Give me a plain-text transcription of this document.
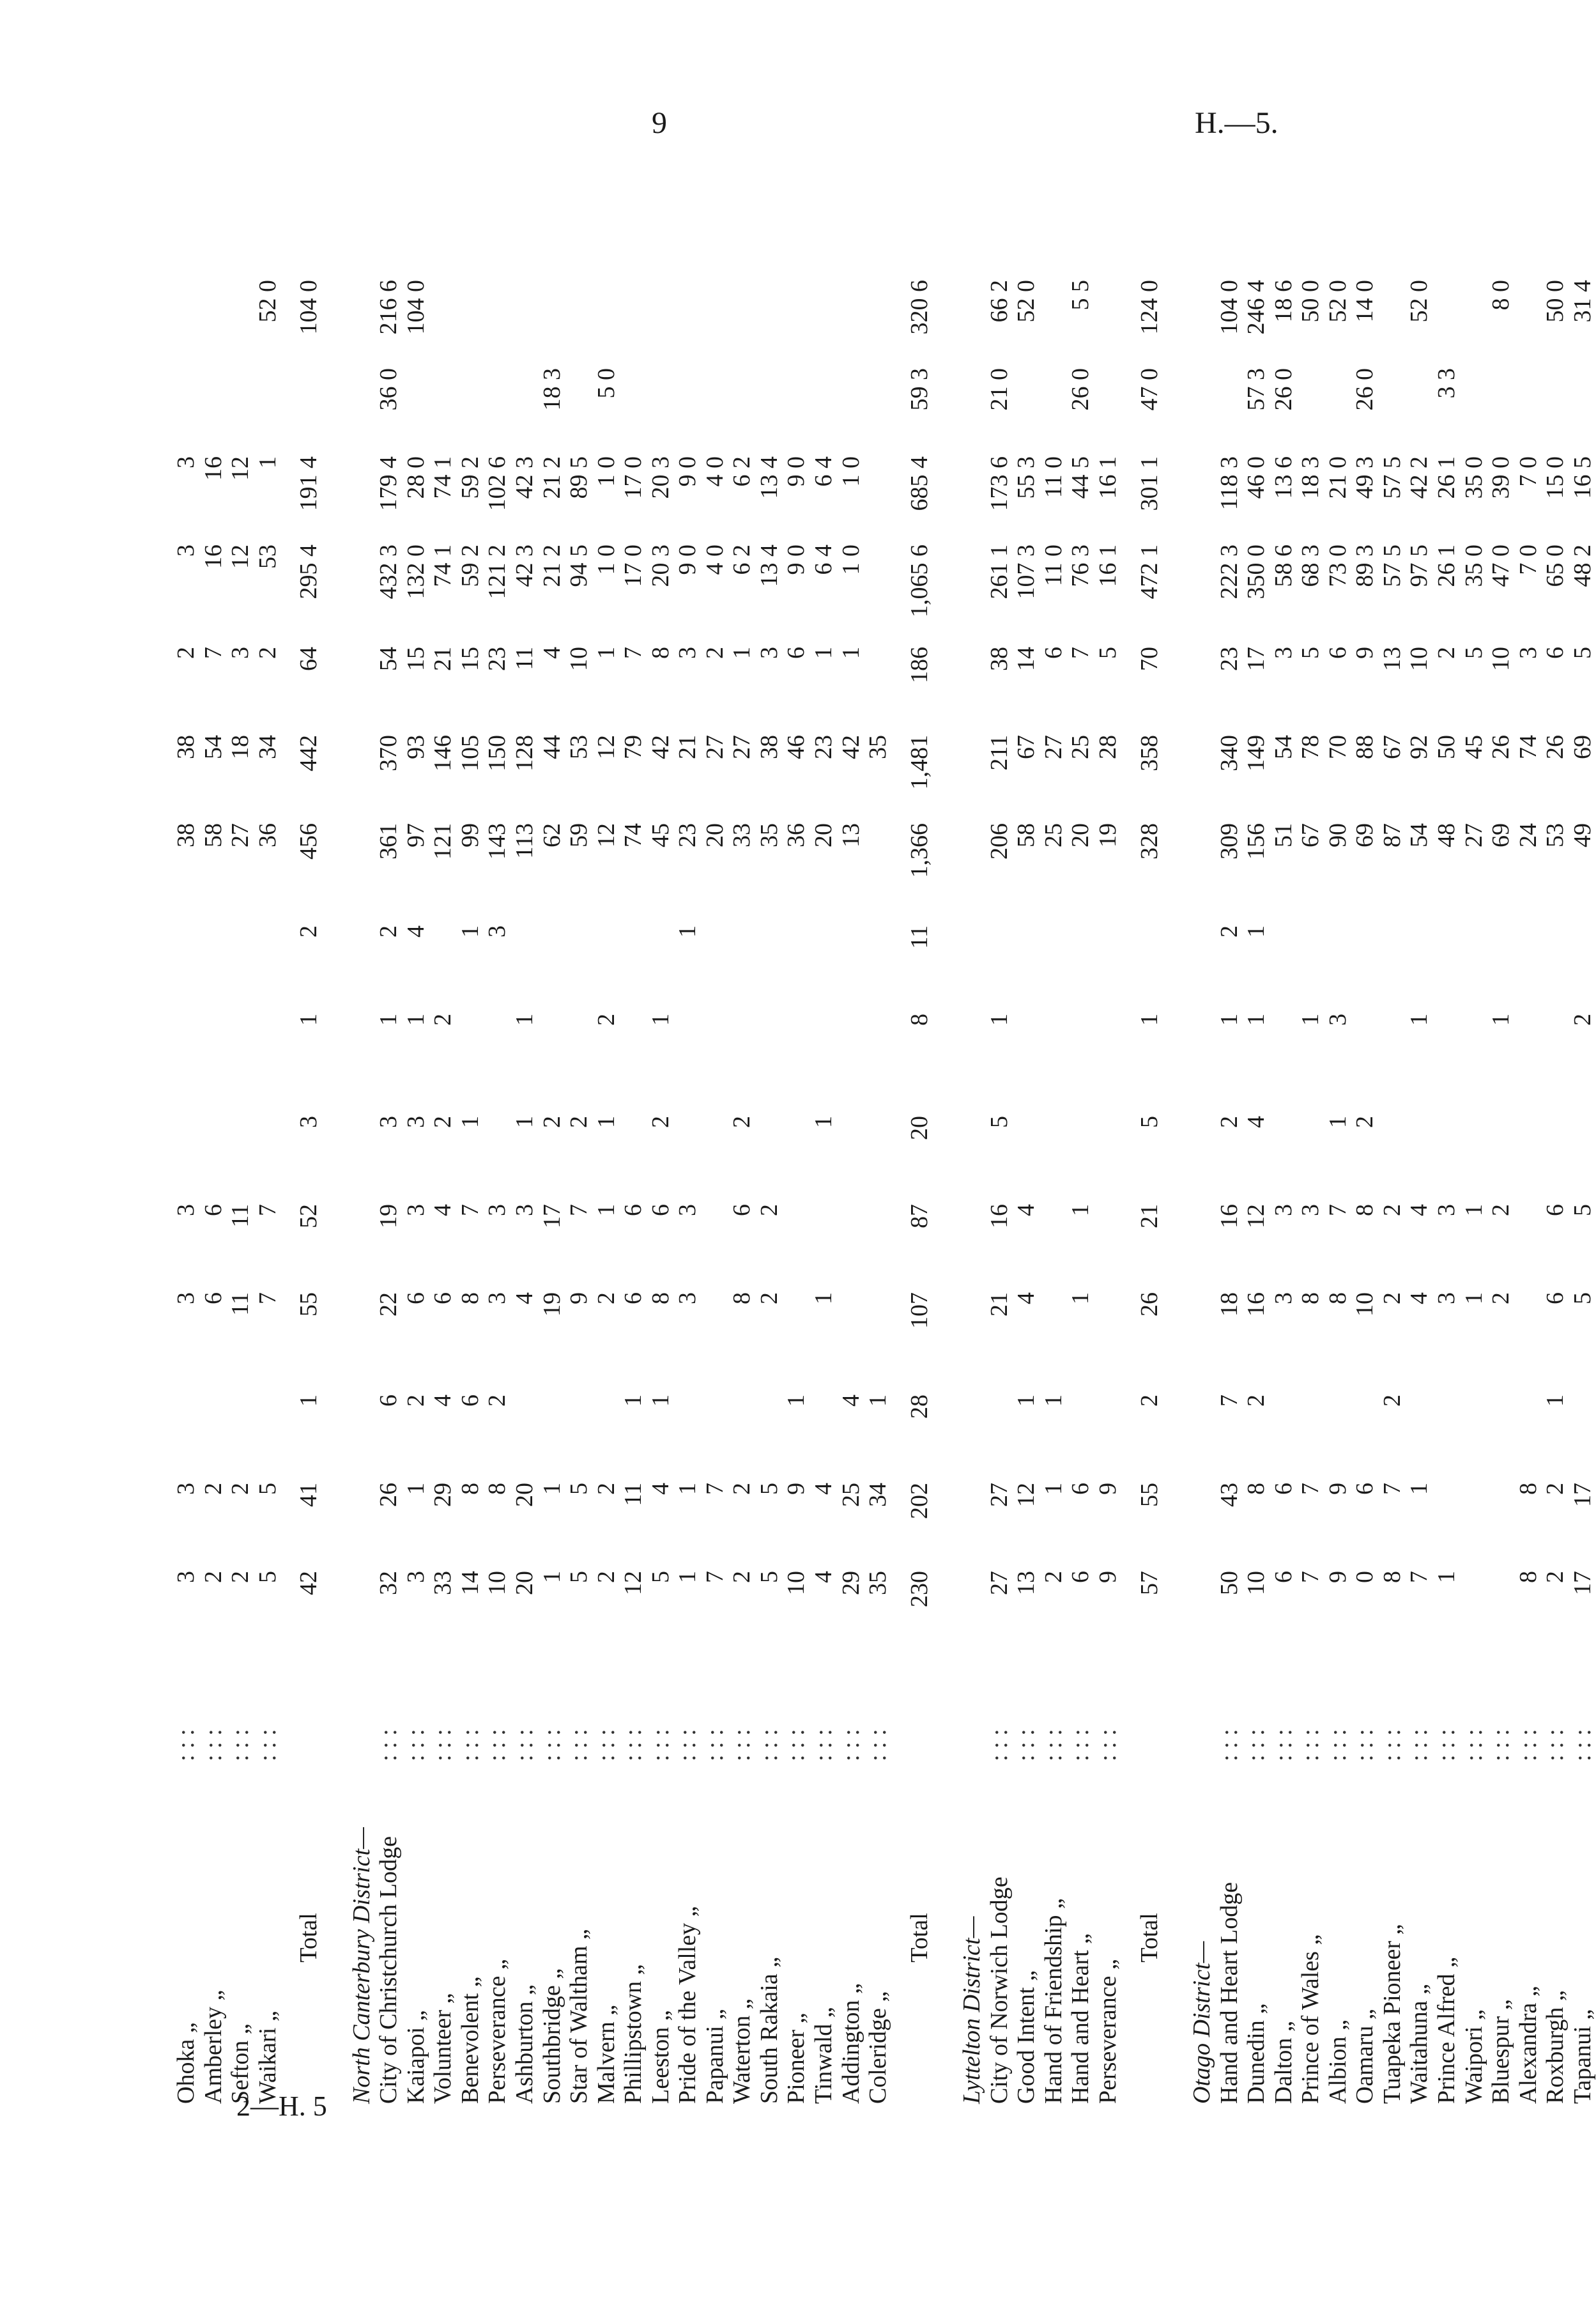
9	H.—5.
Ohoka „	: : :	3	3		3	3				38	38	2	3	3			
Amberley „	: : :	2	2		6	6				58	54	7	16	16			
Sefton „	: : :	2	2		11	11				27	18	3	12	12			
Waikari „	: : :	5	5		7	7				36	34	2	53	1		52 0	
Total		42	41	1	55	52	3	1	2	456	442	64	295 4	191 4		104 0	
North Canterbury District—																	
City of Christchurch Lodge	: : :	32	26	6	22	19	3	1	2	361	370	54	432 3	179 4	36 0	216 6	
Kaiapoi „	: : :	3	1	2	6	3	3	1	4	97	93	15	132 0	28 0		104 0	
Volunteer „	: : :	33	29	4	6	4	2	2		121	146	21	74 1	74 1			
Benevolent „	: : :	14	8	6	8	7	1		1	99	105	15	59 2	59 2			
Perseverance „	: : :	10	8	2	3	3			3	143	150	23	121 2	102 6			
Ashburton „	: : :	20	20		4	3	1	1		113	128	11	42 3	42 3			
Southbridge „	: : :	1	1		19	17	2			62	44	4	21 2	21 2	18 3		
Star of Waltham „	: : :	5	5		9	7	2			59	53	10	94 5	89 5			
Malvern „	: : :	2	2		2	1	1	2		12	12	1	1 0	1 0	5 0		
Phillipstown „	: : :	12	11	1	6	6				74	79	7	17 0	17 0			
Leeston „	: : :	5	4	1	8	6	2	1		45	42	8	20 3	20 3			
Pride of the Valley „	: : :	1	1		3	3			1	23	21	3	9 0	9 0			
Papanui „	: : :	7	7							20	27	2	4 0	4 0			
Waterton „	: : :	2	2		8	6	2			33	27	1	6 2	6 2			
South Rakaia „	: : :	5	5		2	2				35	38	3	13 4	13 4			
Pioneer „	: : :	10	9	1						36	46	6	9 0	9 0			
Tinwald „	: : :	4	4		1		1			20	23	1	6 4	6 4			
Addington „	: : :	29	25	4						13	42	1	1 0	1 0			
Coleridge „	: : :	35	34	1							35						
Total		230	202	28	107	87	20	8	11	1,366	1,481	186	1,065 6	685 4	59 3	320 6	
Lyttelton District—																	
City of Norwich Lodge	: : :	27	27		21	16	5	1		206	211	38	261 1	173 6	21 0	66 2	
Good Intent „	: : :	13	12	1	4	4				58	67	14	107 3	55 3		52 0	
Hand of Friendship „	: : :	2	1	1						25	27	6	11 0	11 0			
Hand and Heart „	: : :	6	6		1	1				20	25	7	76 3	44 5	26 0	5 5	
Perseverance „	: : :	9	9							19	28	5	16 1	16 1			
Total		57	55	2	26	21	5	1		328	358	70	472 1	301 1	47 0	124 0	
Otago District—																	
Hand and Heart Lodge	: : :	50	43	7	18	16	2	1	2	309	340	23	222 3	118 3		104 0	
Dunedin „	: : :	10	8	2	16	12	4	1	1	156	149	17	350 0	46 0	57 3	246 4	
Dalton „	: : :	6	6		3	3				51	54	3	58 6	13 6	26 0	18 6	
Prince of Wales „	: : :	7	7		8	3		1		67	78	5	68 3	18 3		50 0	
Albion „	: : :	9	9		8	7	1	3		90	70	6	73 0	21 0		52 0	
Oamaru „	: : :	0	6		10	8	2			69	88	9	89 3	49 3	26 0	14 0	
Tuapeka Pioneer „	: : :	8	7	2	2	2				87	67	13	57 5	57 5			
Waitahuna „	: : :	7	1		4	4		1		54	92	10	97 5	42 2		52 0	
Prince Alfred „	: : :	1			3	3				48	50	2	26 1	26 1	3 3		
Waipori „	: : :				1	1				27	45	5	35 0	35 0			
Bluespur „	: : :				2	2		1		69	26	10	47 0	39 0		8 0	
Alexandra „	: : :	8	8							24	74	3	7 0	7 0			
Roxburgh „	: : :	2	2	1	6	6				53	26	6	65 0	15 0		50 0	
Tapanui „	: : :	17	17		5	5		2		49	69	5	48 2	16 5		31 4	
2—H. 5
